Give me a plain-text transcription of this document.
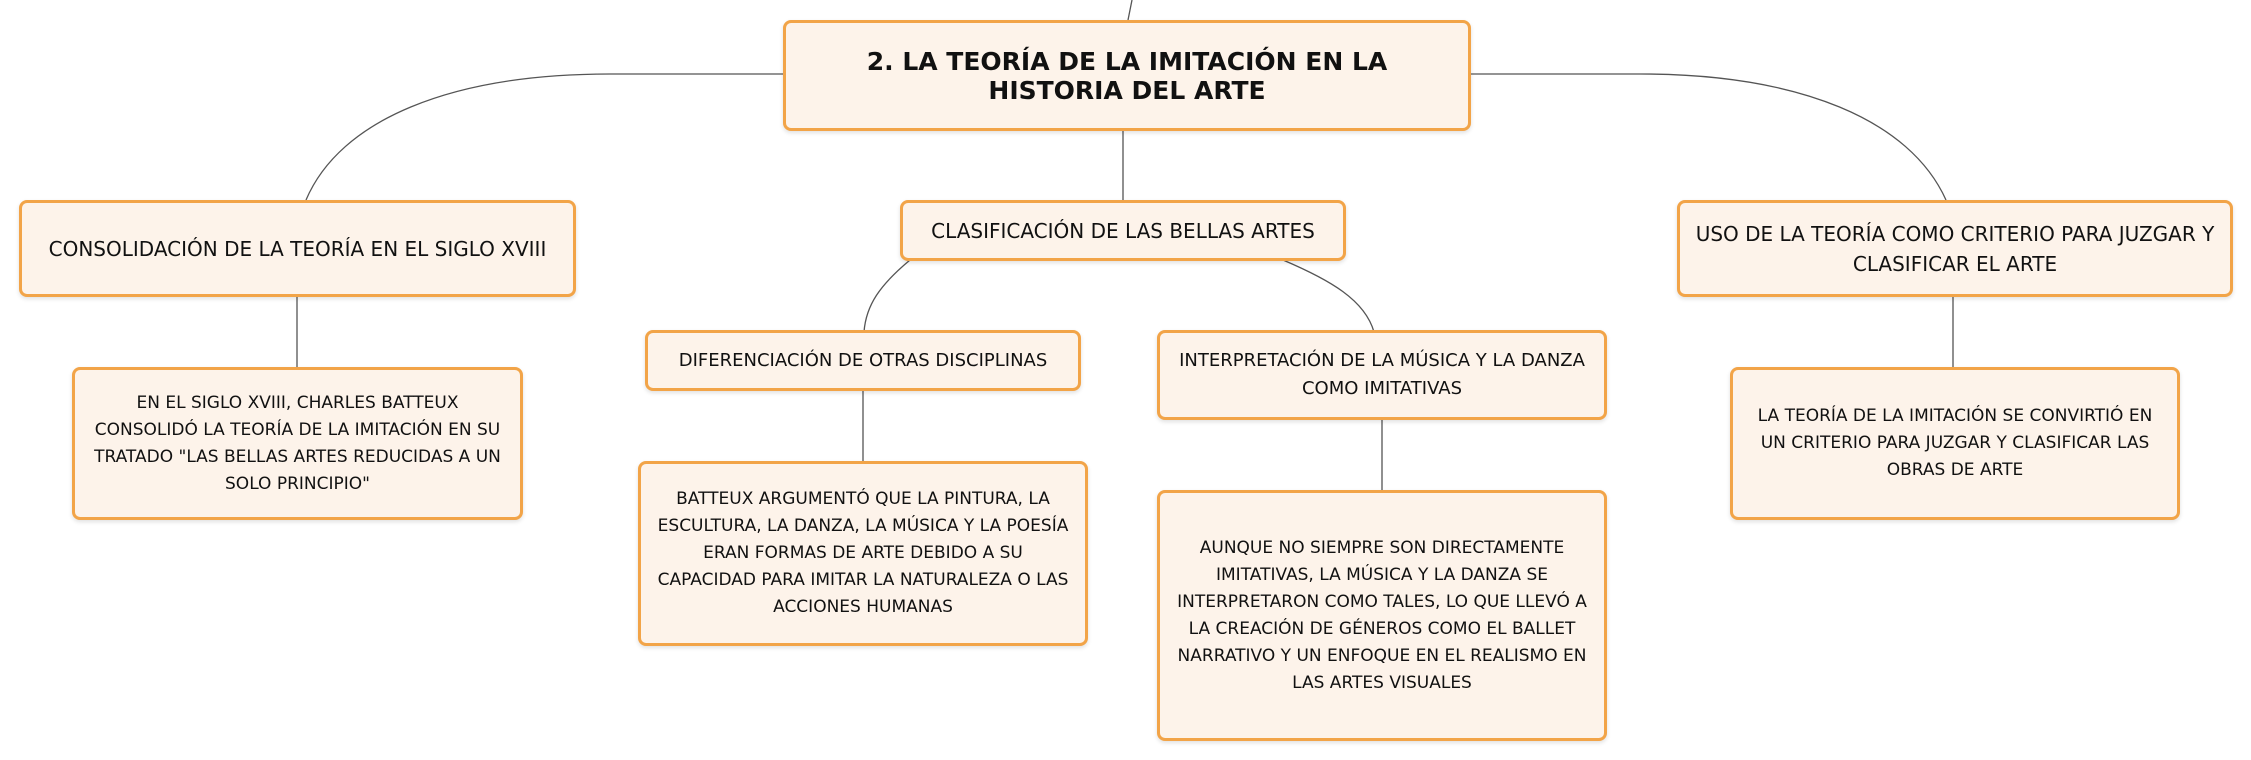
2. LA TEORÍA DE LA IMITACIÓN EN LA HISTORIA DEL ARTE
CONSOLIDACIÓN DE LA TEORÍA EN EL SIGLO XVIII
EN EL SIGLO XVIII, CHARLES BATTEUX CONSOLIDÓ LA TEORÍA DE LA IMITACIÓN EN SU TRATADO "LAS BELLAS ARTES REDUCIDAS A UN SOLO PRINCIPIO"
CLASIFICACIÓN DE LAS BELLAS ARTES
DIFERENCIACIÓN DE OTRAS DISCIPLINAS
BATTEUX ARGUMENTÓ QUE LA PINTURA, LA ESCULTURA, LA DANZA, LA MÚSICA Y LA POESÍA ERAN FORMAS DE ARTE DEBIDO A SU CAPACIDAD PARA IMITAR LA NATURALEZA O LAS ACCIONES HUMANAS
INTERPRETACIÓN DE LA MÚSICA Y LA DANZA COMO IMITATIVAS
AUNQUE NO SIEMPRE SON DIRECTAMENTE IMITATIVAS, LA MÚSICA Y LA DANZA SE INTERPRETARON COMO TALES, LO QUE LLEVÓ A LA CREACIÓN DE GÉNEROS COMO EL BALLET NARRATIVO Y UN ENFOQUE EN EL REALISMO EN LAS ARTES VISUALES
USO DE LA TEORÍA COMO CRITERIO PARA JUZGAR Y CLASIFICAR EL ARTE
LA TEORÍA DE LA IMITACIÓN SE CONVIRTIÓ EN UN CRITERIO PARA JUZGAR Y CLASIFICAR LAS OBRAS DE ARTE
